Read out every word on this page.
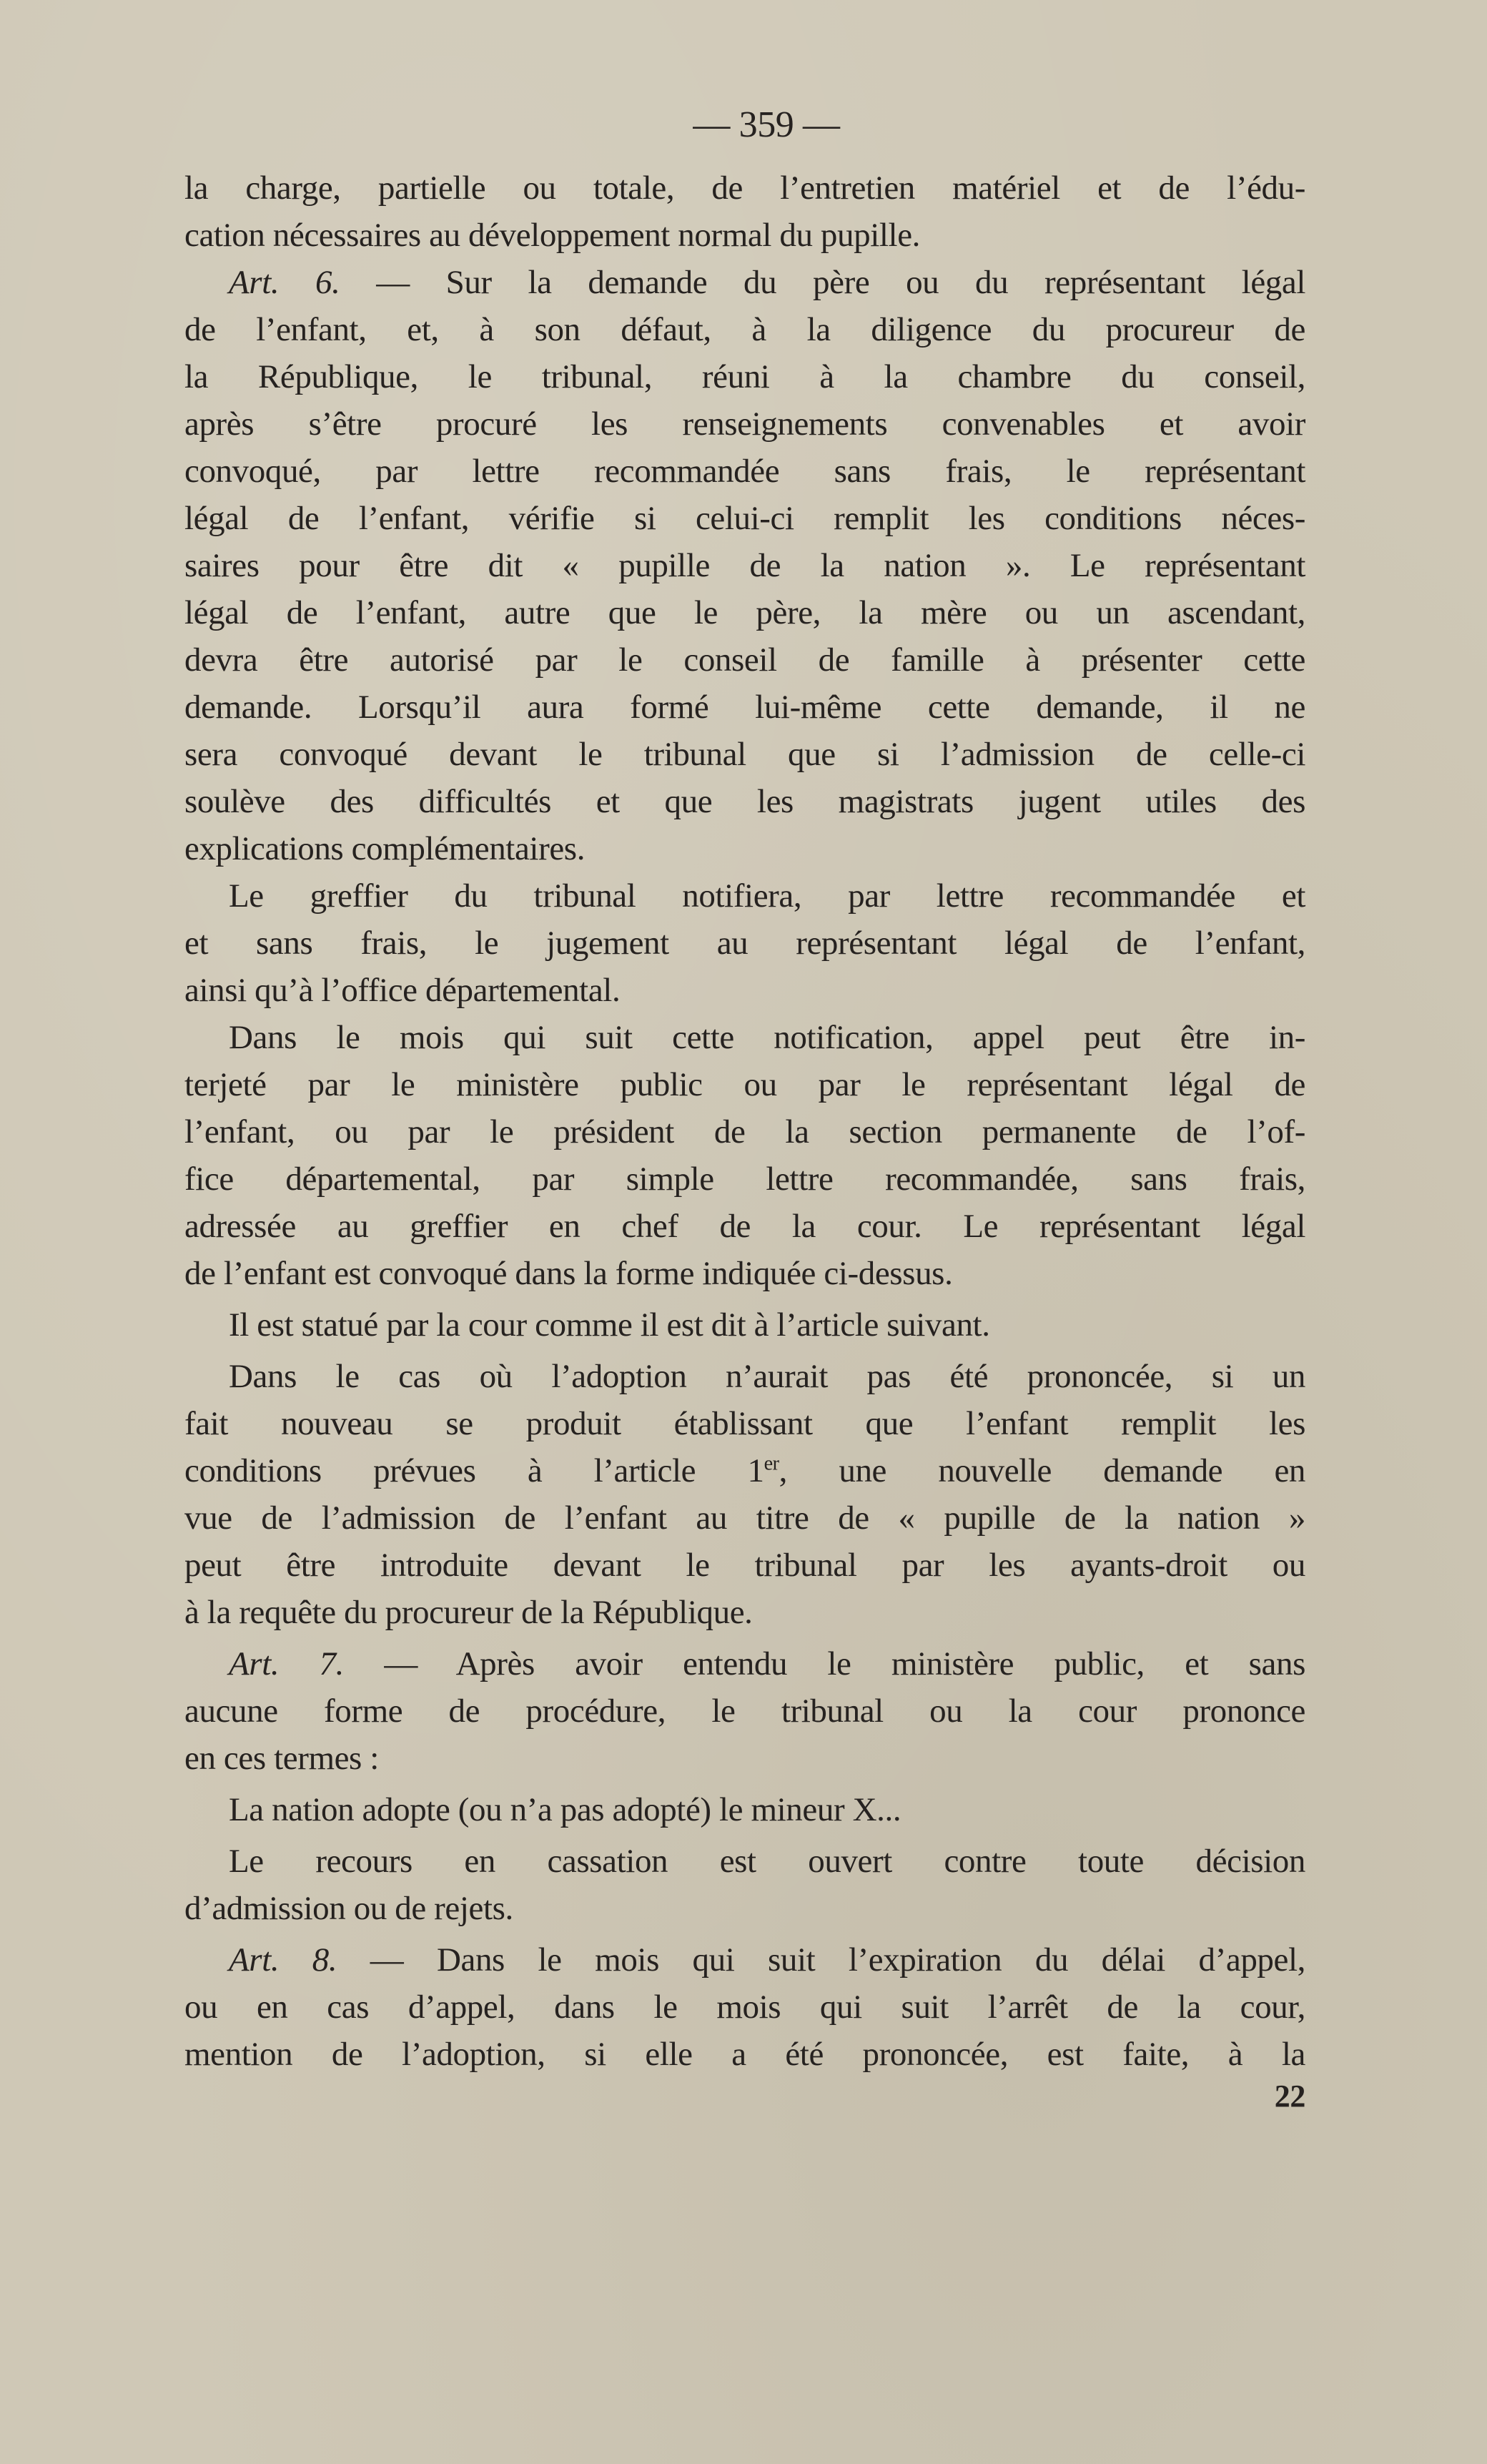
— 359 —
la charge, partielle ou totale, de l’entretien matériel et de l’édu-
cation nécessaires au développement normal du pupille.
Art. 6. — Sur la demande du père ou du représentant légal
de l’enfant, et, à son défaut, à la diligence du procureur de
la République, le tribunal, réuni à la chambre du conseil,
après s’être procuré les renseignements convenables et avoir
convoqué, par lettre recommandée sans frais, le représentant
légal de l’enfant, vérifie si celui-ci remplit les conditions néces-
saires pour être dit « pupille de la nation ». Le représentant
légal de l’enfant, autre que le père, la mère ou un ascendant,
devra être autorisé par le conseil de famille à présenter cette
demande. Lorsqu’il aura formé lui-même cette demande, il ne
sera convoqué devant le tribunal que si l’admission de celle-ci
soulève des difficultés et que les magistrats jugent utiles des
explications complémentaires.
Le greffier du tribunal notifiera, par lettre recommandée et
et sans frais, le jugement au représentant légal de l’enfant,
ainsi qu’à l’office départemental.
Dans le mois qui suit cette notification, appel peut être in-
terjeté par le ministère public ou par le représentant légal de
l’enfant, ou par le président de la section permanente de l’of-
fice départemental, par simple lettre recommandée, sans frais,
adressée au greffier en chef de la cour. Le représentant légal
de l’enfant est convoqué dans la forme indiquée ci-dessus.
Il est statué par la cour comme il est dit à l’article suivant.
Dans le cas où l’adoption n’aurait pas été prononcée, si un
fait nouveau se produit établissant que l’enfant remplit les
conditions prévues à l’article 1er, une nouvelle demande en
vue de l’admission de l’enfant au titre de « pupille de la nation »
peut être introduite devant le tribunal par les ayants-droit ou
à la requête du procureur de la République.
Art. 7. — Après avoir entendu le ministère public, et sans
aucune forme de procédure, le tribunal ou la cour prononce
en ces termes :
La nation adopte (ou n’a pas adopté) le mineur X...
Le recours en cassation est ouvert contre toute décision
d’admission ou de rejets.
Art. 8. — Dans le mois qui suit l’expiration du délai d’appel,
ou en cas d’appel, dans le mois qui suit l’arrêt de la cour,
mention de l’adoption, si elle a été prononcée, est faite, à la
22
